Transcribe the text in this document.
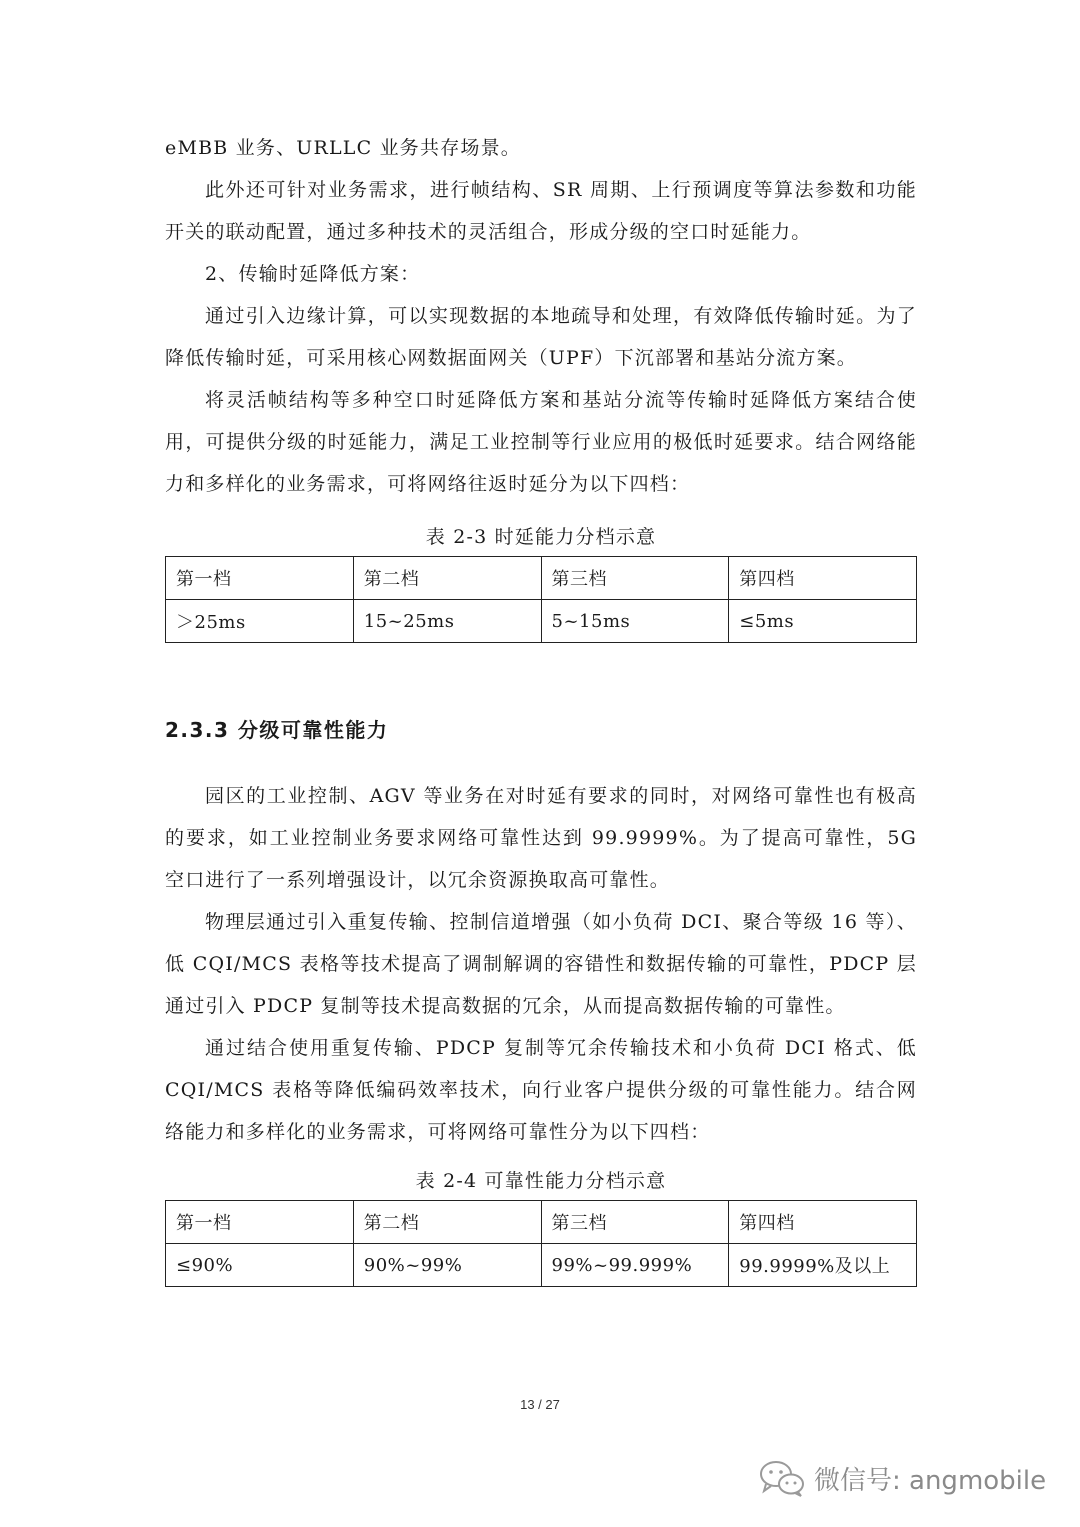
eMBB 业务、URLLC 业务共存场景。

此外还可针对业务需求，进行帧结构、SR 周期、上行预调度等算法参数和功能开关的联动配置，通过多种技术的灵活组合，形成分级的空口时延能力。

2、传输时延降低方案：

通过引入边缘计算，可以实现数据的本地疏导和处理，有效降低传输时延。为了降低传输时延，可采用核心网数据面网关（UPF）下沉部署和基站分流方案。

将灵活帧结构等多种空口时延降低方案和基站分流等传输时延降低方案结合使用，可提供分级的时延能力，满足工业控制等行业应用的极低时延要求。结合网络能力和多样化的业务需求，可将网络往返时延分为以下四档：

表 2-3 时延能力分档示意
第一档	第二档	第三档	第四档
＞25ms	15~25ms	5~15ms	≤5ms
2.3.3 分级可靠性能力

园区的工业控制、AGV 等业务在对时延有要求的同时，对网络可靠性也有极高的要求，如工业控制业务要求网络可靠性达到 99.9999%。为了提高可靠性，5G 空口进行了一系列增强设计，以冗余资源换取高可靠性。

物理层通过引入重复传输、控制信道增强（如小负荷 DCI、聚合等级 16 等）、低 CQI/MCS 表格等技术提高了调制解调的容错性和数据传输的可靠性，PDCP 层通过引入 PDCP 复制等技术提高数据的冗余，从而提高数据传输的可靠性。

通过结合使用重复传输、PDCP 复制等冗余传输技术和小负荷 DCI 格式、低 CQI/MCS 表格等降低编码效率技术，向行业客户提供分级的可靠性能力。结合网络能力和多样化的业务需求，可将网络可靠性分为以下四档：

表 2-4 可靠性能力分档示意
第一档	第二档	第三档	第四档
≤90%	90%~99%	99%~99.999%	99.9999%及以上
13 / 27
微信号: angmobile
